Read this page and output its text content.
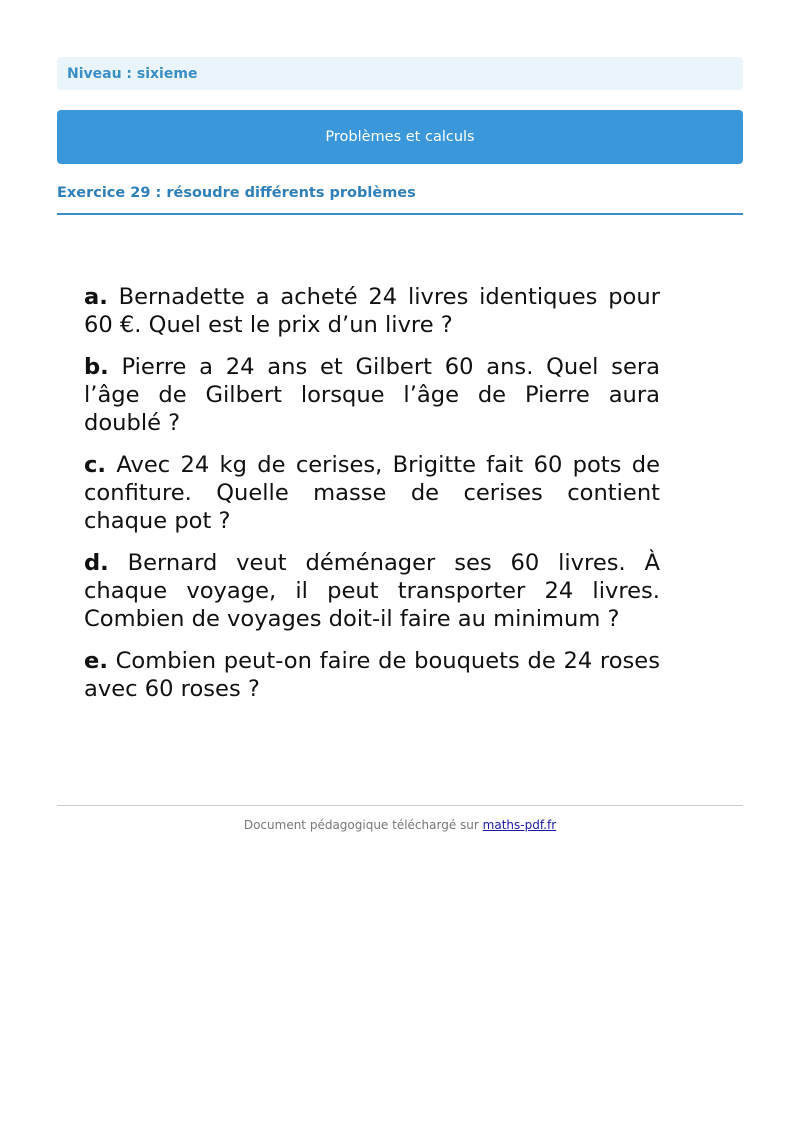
Niveau : sixieme
Problèmes et calculs
Exercice 29 : résoudre différents problèmes

a. Bernadette a acheté 24 livres identiques pour 60 €. Quel est le prix d’un livre ?

b. Pierre a 24 ans et Gilbert 60 ans. Quel sera l’âge de Gilbert lorsque l’âge de Pierre aura doublé ?

c. Avec 24 kg de cerises, Brigitte fait 60 pots de confiture. Quelle masse de cerises contient chaque pot ?

d. Bernard veut déménager ses 60 livres. À chaque voyage, il peut transporter 24 livres. Combien de voyages doit-il faire au minimum ?

e. Combien peut-on faire de bouquets de 24 roses avec 60 roses ?

Document pédagogique téléchargé sur maths-pdf.fr
